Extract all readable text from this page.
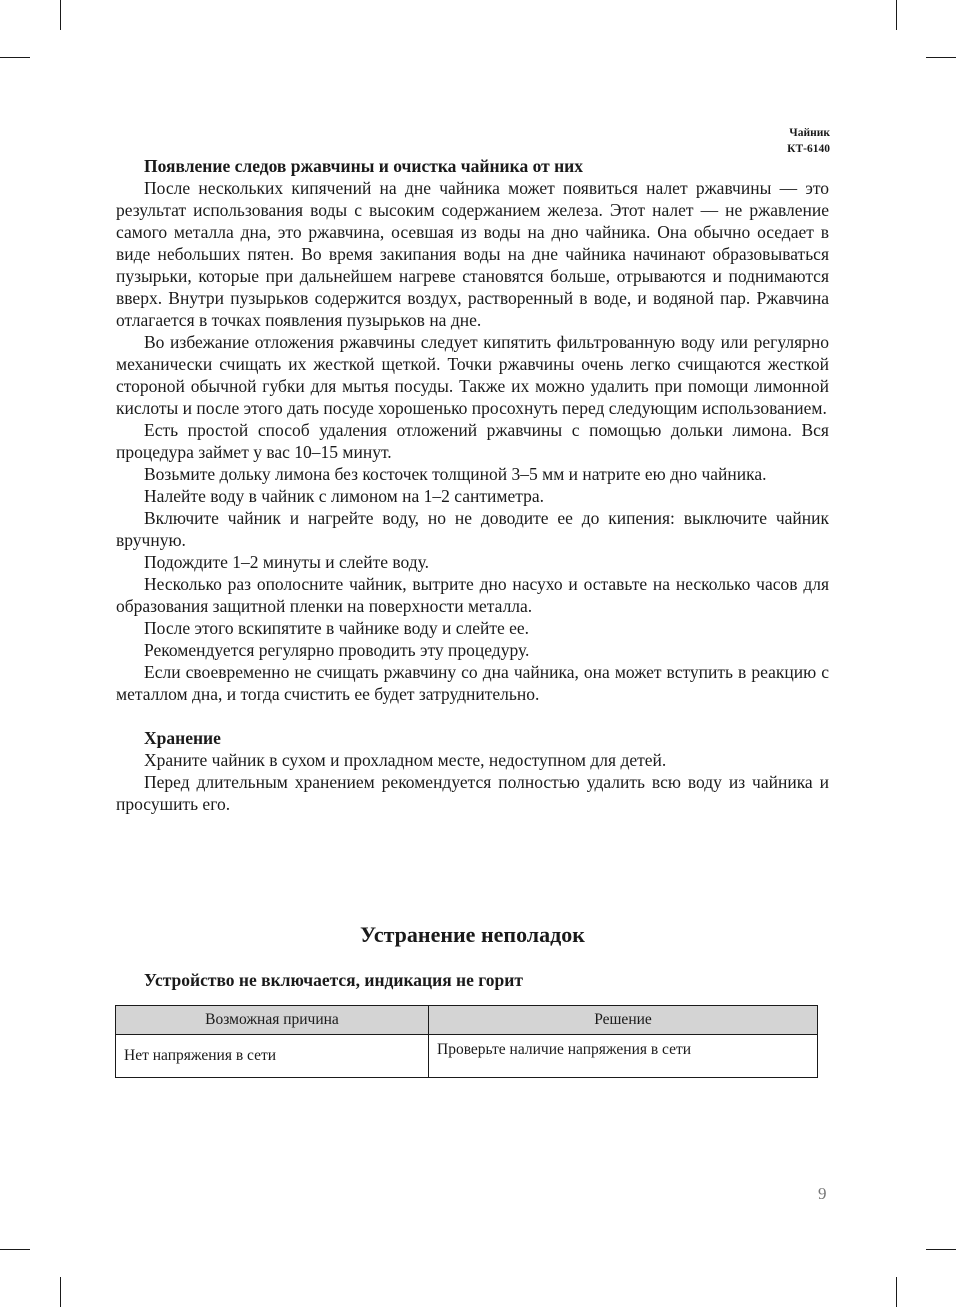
Чайник
КТ-6140
Появление следов ржавчины и очистка чайника от них

После нескольких кипячений на дне чайника может появиться налет ржавчины — это результат использования воды с высоким содержанием железа. Этот налет — не ржавление самого металла дна, это ржавчина, осевшая из воды на дно чайника. Она обычно оседает в виде небольших пятен. Во время закипания воды на дне чайника начинают образовываться пузырьки, которые при дальнейшем нагреве становятся больше, отрываются и поднимаются вверх. Внутри пузырьков содержится воздух, растворенный в воде, и водяной пар. Ржавчина отлагается в точках появления пузырьков на дне.

Во избежание отложения ржавчины следует кипятить фильтрованную воду или регулярно механически счищать их жесткой щеткой. Точки ржавчины очень легко счищаются жесткой стороной обычной губки для мытья посуды. Также их можно удалить при помощи лимонной кислоты и после этого дать посуде хорошенько просохнуть перед следующим использованием.

Есть простой способ удаления отложений ржавчины с помощью дольки лимона. Вся процедура займет у вас 10–15 минут.

Возьмите дольку лимона без косточек толщиной 3–5 мм и натрите ею дно чайника.

Налейте воду в чайник с лимоном на 1–2 сантиметра.

Включите чайник и нагрейте воду, но не доводите ее до кипения: выключите чайник вручную.

Подождите 1–2 минуты и слейте воду.

Несколько раз ополосните чайник, вытрите дно насухо и оставьте на несколько часов для образования защитной пленки на поверхности металла.

После этого вскипятите в чайнике воду и слейте ее.

Рекомендуется регулярно проводить эту процедуру.

Если своевременно не счищать ржавчину со дна чайника, она может вступить в реакцию с металлом дна, и тогда счистить ее будет затруднительно.

Хранение

Храните чайник в сухом и прохладном месте, недоступном для детей.

Перед длительным хранением рекомендуется полностью удалить всю воду из чайника и просушить его.

Устранение неполадок
Устройство не включается, индикация не горит
Возможная причина	Решение
Нет напряжения в сети	Проверьте наличие напряжения в сети
9
